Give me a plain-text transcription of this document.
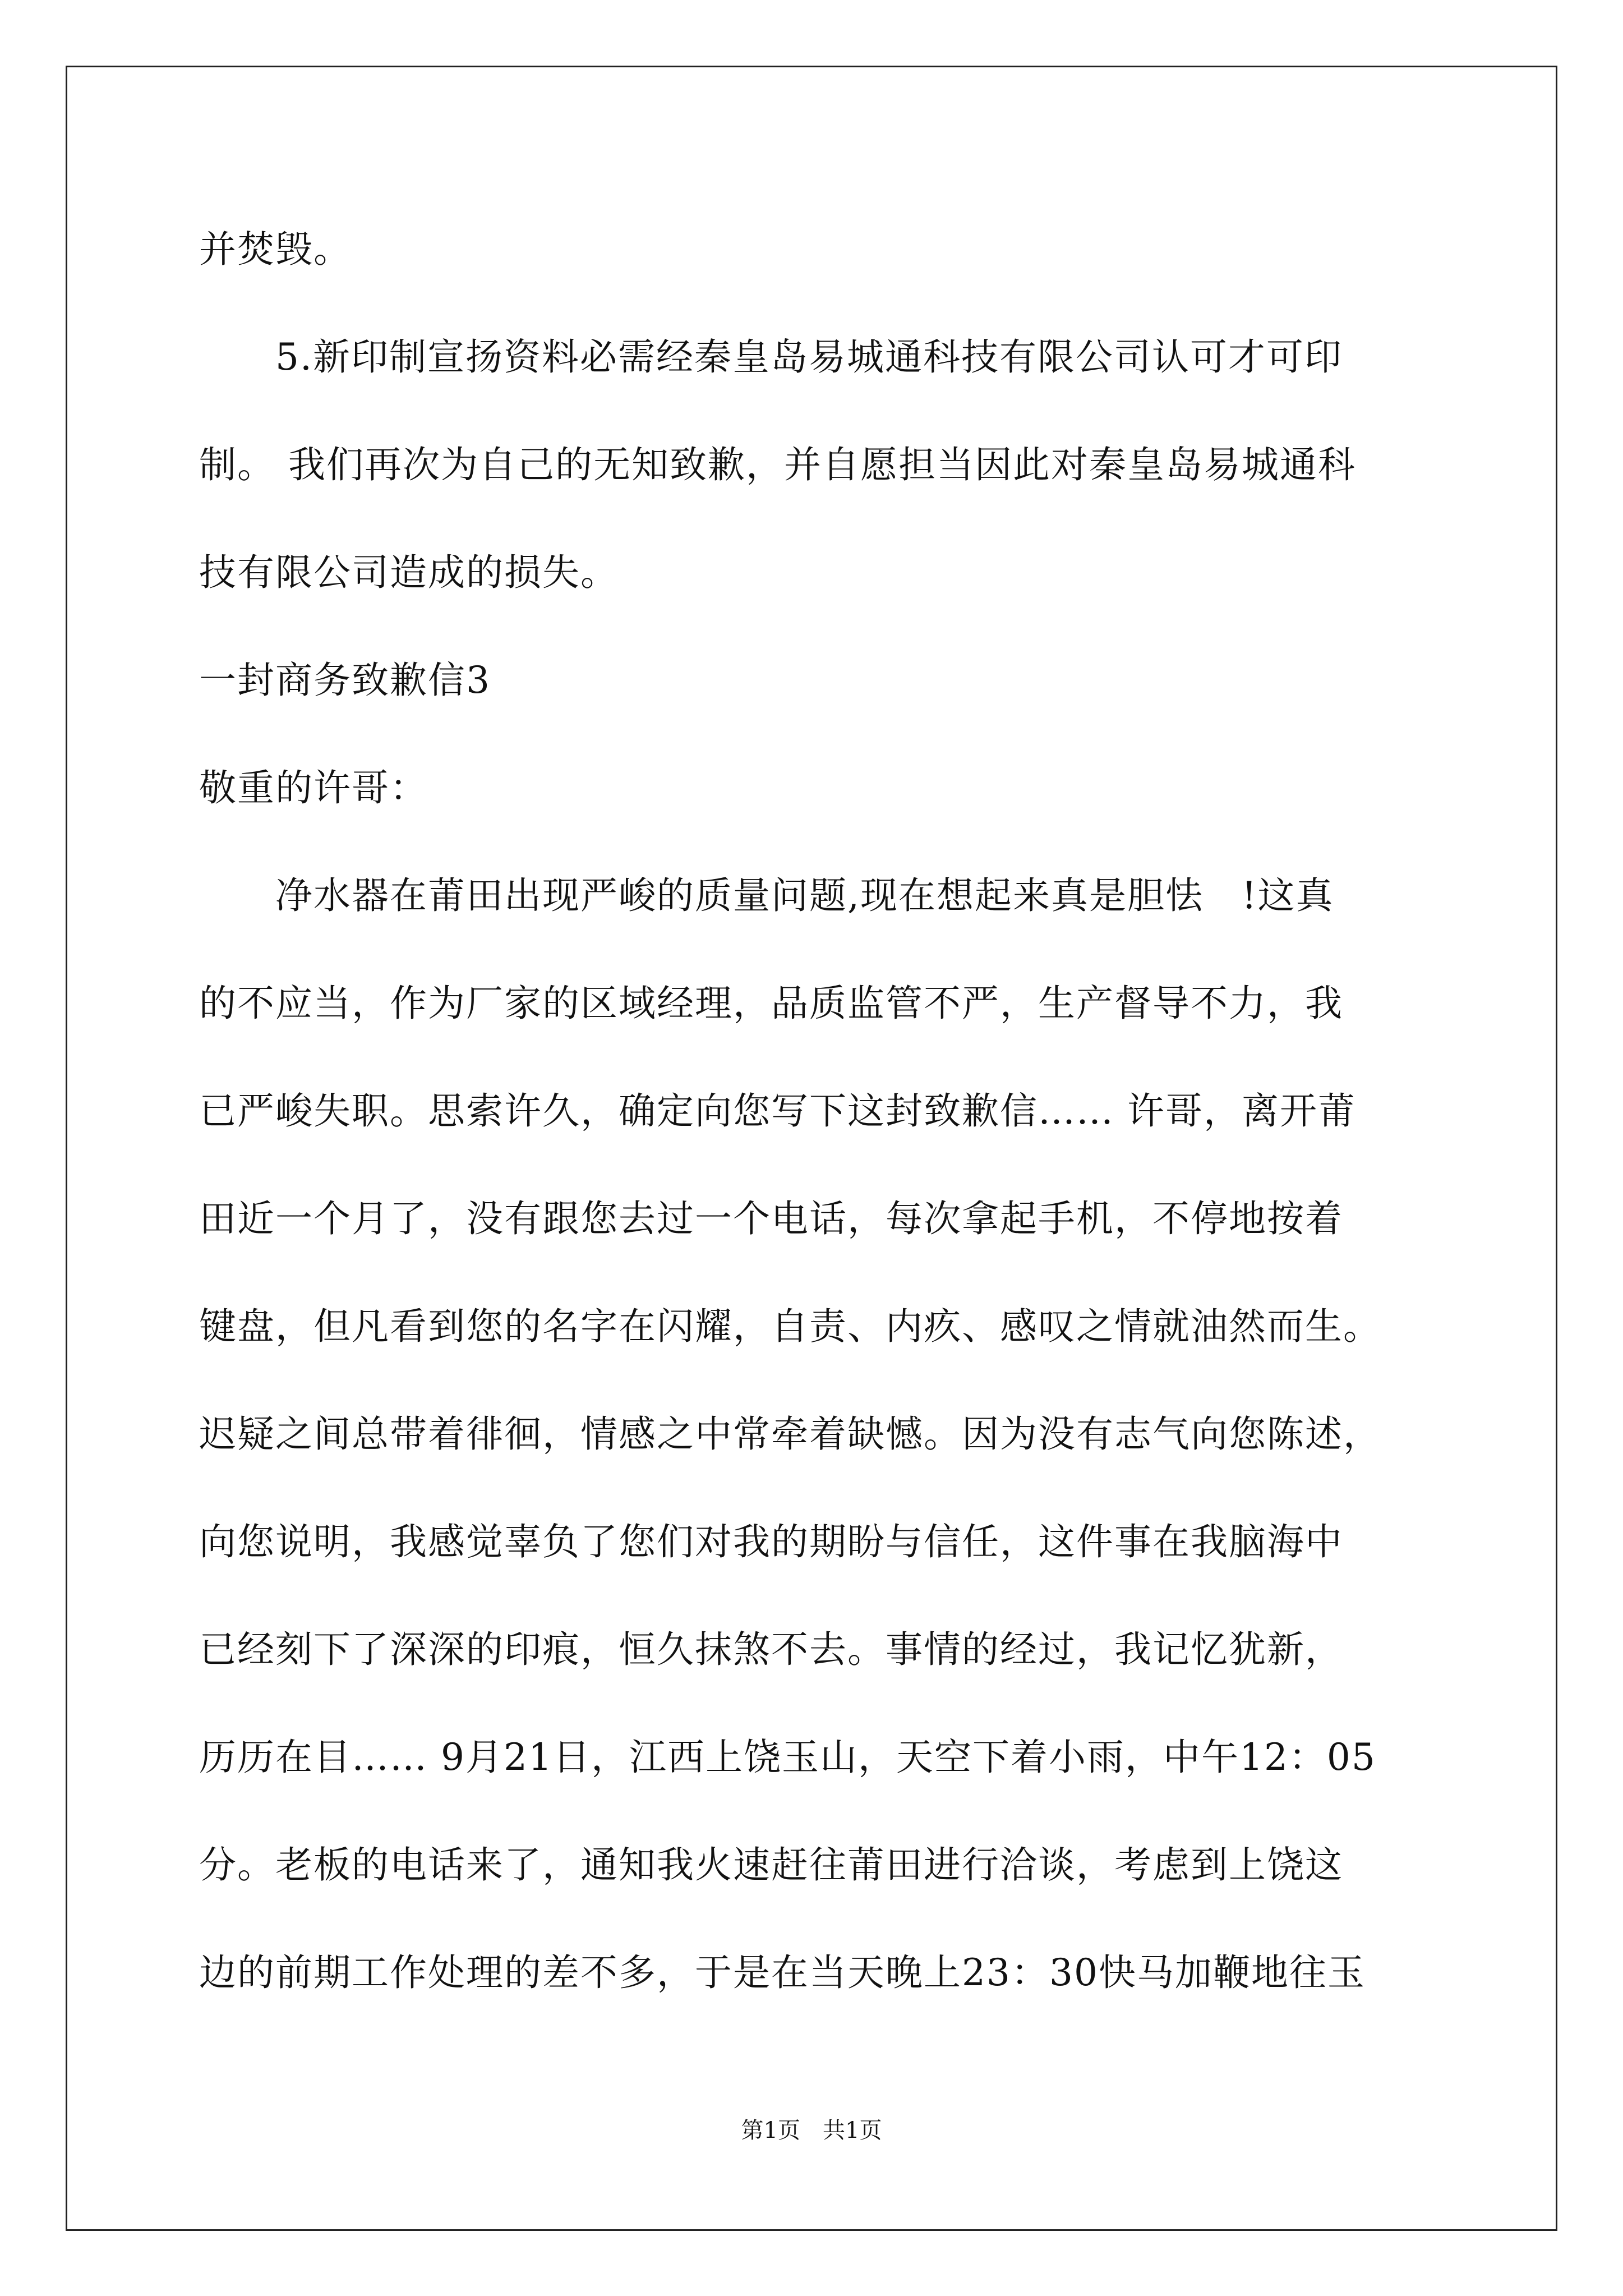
并焚毁。
　　5.新印制宣扬资料必需经秦皇岛易城通科技有限公司认可才可印
制。 我们再次为自己的无知致歉，并自愿担当因此对秦皇岛易城通科
技有限公司造成的损失。
一封商务致歉信3
敬重的许哥：
　　净水器在莆田出现严峻的质量问题,现在想起来真是胆怯　!这真
的不应当，作为厂家的区域经理，品质监管不严，生产督导不力，我
已严峻失职。思索许久，确定向您写下这封致歉信…… 许哥，离开莆
田近一个月了，没有跟您去过一个电话，每次拿起手机，不停地按着
键盘，但凡看到您的名字在闪耀，自责、内疚、感叹之情就油然而生。
迟疑之间总带着徘徊，情感之中常牵着缺憾。因为没有志气向您陈述，
向您说明，我感觉辜负了您们对我的期盼与信任，这件事在我脑海中
已经刻下了深深的印痕，恒久抹煞不去。事情的经过，我记忆犹新，
历历在目…… 9月21日，江西上饶玉山，天空下着小雨，中午12：05
分。老板的电话来了，通知我火速赶往莆田进行洽谈，考虑到上饶这
边的前期工作处理的差不多，于是在当天晚上23：30快马加鞭地往玉
第1页　共1页
